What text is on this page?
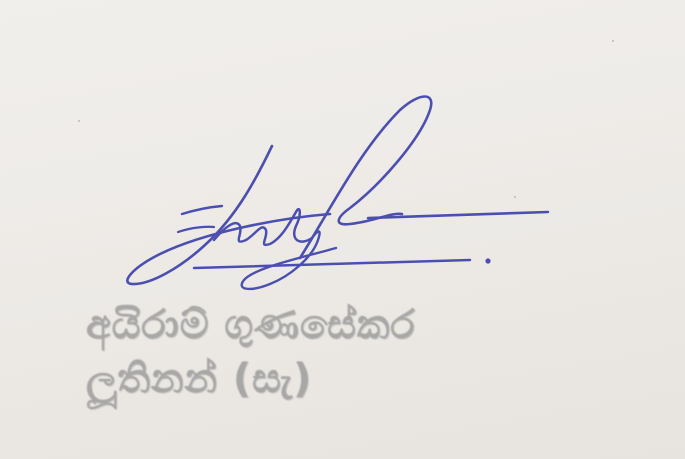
අයිරාම් ගුණසේකර
ලූතිනන් (සැ)
